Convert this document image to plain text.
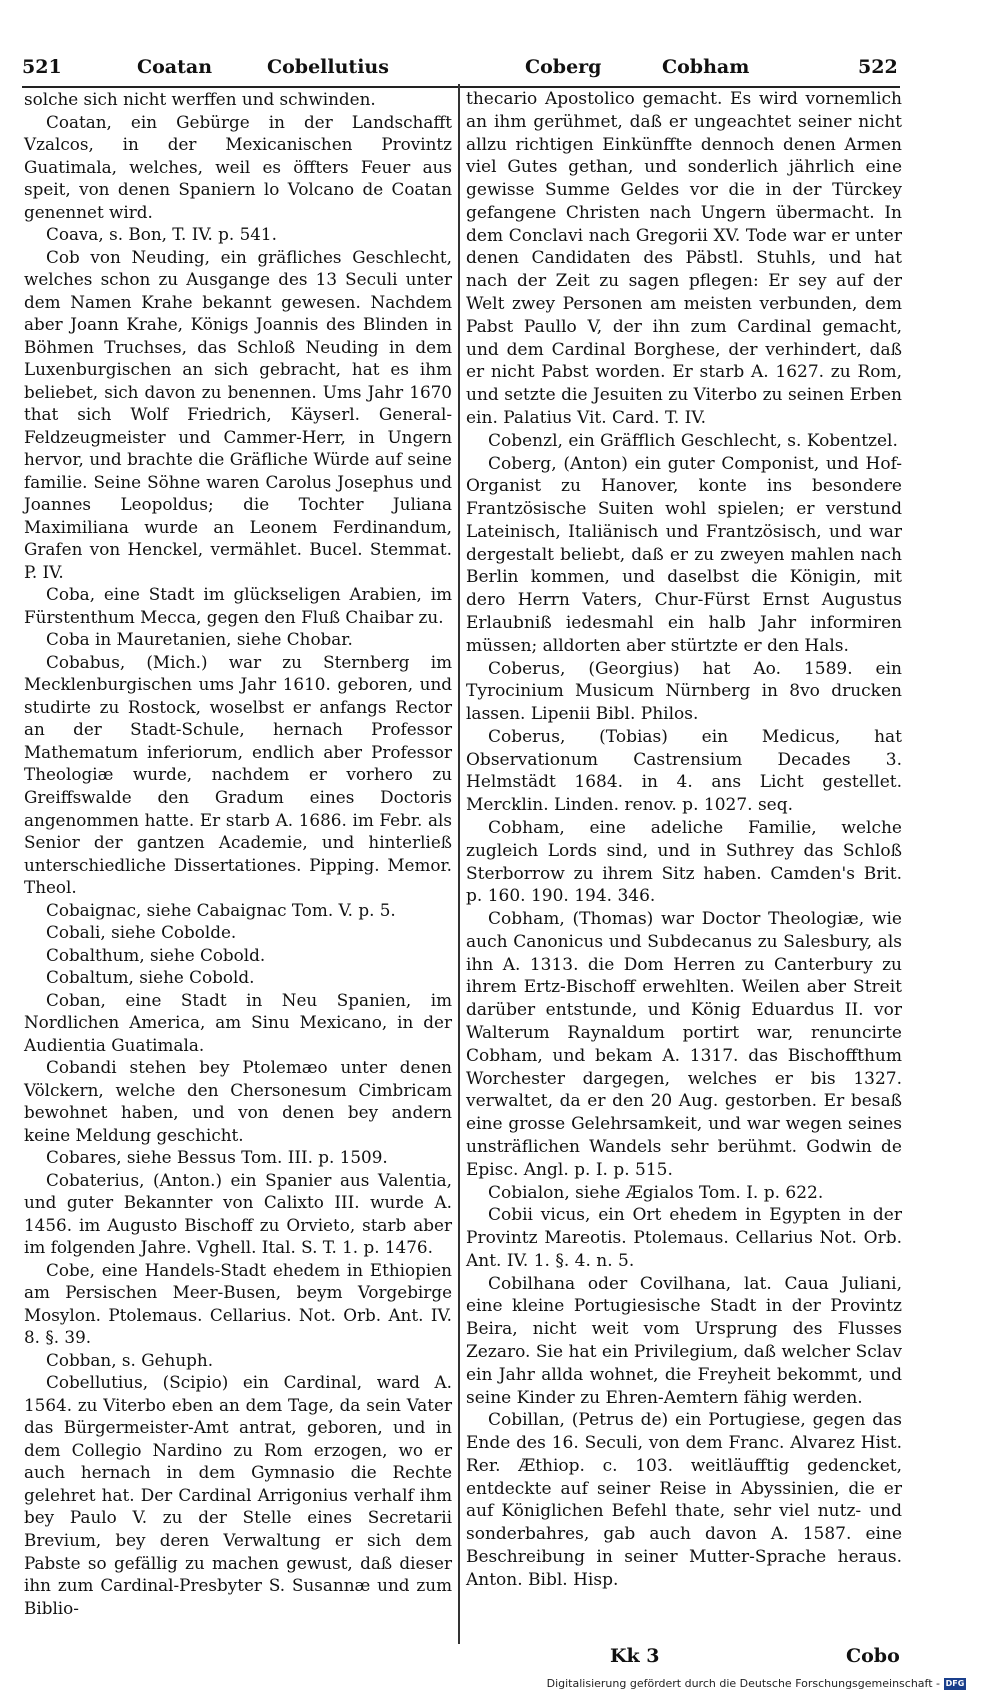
521	Coatan	Cobellutius	Coberg	Cobham	522

solche sich nicht werffen und schwinden.

Coatan, ein Gebürge in der Landschafft Vzalcos, in der Mexicanischen Provintz Guatimala, welches, weil es öffters Feuer aus speit, von denen Spaniern lo Volcano de Coatan genennet wird.

Coava, s. Bon, T. IV. p. 541.

Cob von Neuding, ein gräfliches Geschlecht, welches schon zu Ausgange des 13 Seculi unter dem Namen Krahe bekannt gewesen. Nachdem aber Joann Krahe, Königs Joannis des Blinden in Böhmen Truchses, das Schloß Neuding in dem Luxenburgischen an sich gebracht, hat es ihm beliebet, sich davon zu benennen. Ums Jahr 1670 that sich Wolf Friedrich, Käyserl. General-Feldzeugmeister und Cammer-Herr, in Ungern hervor, und brachte die Gräfliche Würde auf seine familie. Seine Söhne waren Carolus Josephus und Joannes Leopoldus; die Tochter Juliana Maximiliana wurde an Leonem Ferdinandum, Grafen von Henckel, vermählet. Bucel. Stemmat. P. IV.

Coba, eine Stadt im glückseligen Arabien, im Fürstenthum Mecca, gegen den Fluß Chaibar zu.

Coba in Mauretanien, siehe Chobar.

Cobabus, (Mich.) war zu Sternberg im Mecklenburgischen ums Jahr 1610. geboren, und studirte zu Rostock, woselbst er anfangs Rector an der Stadt-Schule, hernach Professor Mathematum inferiorum, endlich aber Professor Theologiæ wurde, nachdem er vorhero zu Greiffswalde den Gradum eines Doctoris angenommen hatte. Er starb A. 1686. im Febr. als Senior der gantzen Academie, und hinterließ unterschiedliche Dissertationes. Pipping. Memor. Theol.

Cobaignac, siehe Cabaignac Tom. V. p. 5.

Cobali, siehe Cobolde.

Cobalthum, siehe Cobold.

Cobaltum, siehe Cobold.

Coban, eine Stadt in Neu Spanien, im Nordlichen America, am Sinu Mexicano, in der Audientia Guatimala.

Cobandi stehen bey Ptolemæo unter denen Völckern, welche den Chersonesum Cimbricam bewohnet haben, und von denen bey andern keine Meldung geschicht.

Cobares, siehe Bessus Tom. III. p. 1509.

Cobaterius, (Anton.) ein Spanier aus Valentia, und guter Bekannter von Calixto III. wurde A. 1456. im Augusto Bischoff zu Orvieto, starb aber im folgenden Jahre. Vghell. Ital. S. T. 1. p. 1476.

Cobe, eine Handels-Stadt ehedem in Ethiopien am Persischen Meer-Busen, beym Vorgebirge Mosylon. Ptolemaus. Cellarius. Not. Orb. Ant. IV. 8. §. 39.

Cobban, s. Gehuph.

Cobellutius, (Scipio) ein Cardinal, ward A. 1564. zu Viterbo eben an dem Tage, da sein Vater das Bürgermeister-Amt antrat, geboren, und in dem Collegio Nardino zu Rom erzogen, wo er auch hernach in dem Gymnasio die Rechte gelehret hat. Der Cardinal Arrigonius verhalf ihm bey Paulo V. zu der Stelle eines Secretarii Brevium, bey deren Verwaltung er sich dem Pabste so gefällig zu machen gewust, daß dieser ihn zum Cardinal-Presbyter S. Susannæ und zum Biblio-

thecario Apostolico gemacht. Es wird vornemlich an ihm gerühmet, daß er ungeachtet seiner nicht allzu richtigen Einkünffte dennoch denen Armen viel Gutes gethan, und sonderlich jährlich eine gewisse Summe Geldes vor die in der Türckey gefangene Christen nach Ungern übermacht. In dem Conclavi nach Gregorii XV. Tode war er unter denen Candidaten des Päbstl. Stuhls, und hat nach der Zeit zu sagen pflegen: Er sey auf der Welt zwey Personen am meisten verbunden, dem Pabst Paullo V, der ihn zum Cardinal gemacht, und dem Cardinal Borghese, der verhindert, daß er nicht Pabst worden. Er starb A. 1627. zu Rom, und setzte die Jesuiten zu Viterbo zu seinen Erben ein. Palatius Vit. Card. T. IV.

Cobenzl, ein Gräfflich Geschlecht, s. Kobentzel.

Coberg, (Anton) ein guter Componist, und Hof-Organist zu Hanover, konte ins besondere Frantzösische Suiten wohl spielen; er verstund Lateinisch, Italiänisch und Frantzösisch, und war dergestalt beliebt, daß er zu zweyen mahlen nach Berlin kommen, und daselbst die Königin, mit dero Herrn Vaters, Chur-Fürst Ernst Augustus Erlaubniß iedesmahl ein halb Jahr informiren müssen; alldorten aber stürtzte er den Hals.

Coberus, (Georgius) hat Ao. 1589. ein Tyrocinium Musicum Nürnberg in 8vo drucken lassen. Lipenii Bibl. Philos.

Coberus, (Tobias) ein Medicus, hat Observationum Castrensium Decades 3. Helmstädt 1684. in 4. ans Licht gestellet. Mercklin. Linden. renov. p. 1027. seq.

Cobham, eine adeliche Familie, welche zugleich Lords sind, und in Suthrey das Schloß Sterborrow zu ihrem Sitz haben. Camden's Brit. p. 160. 190. 194. 346.

Cobham, (Thomas) war Doctor Theologiæ, wie auch Canonicus und Subdecanus zu Salesbury, als ihn A. 1313. die Dom Herren zu Canterbury zu ihrem Ertz-Bischoff erwehlten. Weilen aber Streit darüber entstunde, und König Eduardus II. vor Walterum Raynaldum portirt war, renuncirte Cobham, und bekam A. 1317. das Bischoffthum Worchester dargegen, welches er bis 1327. verwaltet, da er den 20 Aug. gestorben. Er besaß eine grosse Gelehrsamkeit, und war wegen seines unsträflichen Wandels sehr berühmt. Godwin de Episc. Angl. p. I. p. 515.

Cobialon, siehe Ægialos Tom. I. p. 622.

Cobii vicus, ein Ort ehedem in Egypten in der Provintz Mareotis. Ptolemaus. Cellarius Not. Orb. Ant. IV. 1. §. 4. n. 5.

Cobilhana oder Covilhana, lat. Caua Juliani, eine kleine Portugiesische Stadt in der Provintz Beira, nicht weit vom Ursprung des Flusses Zezaro. Sie hat ein Privilegium, daß welcher Sclav ein Jahr allda wohnet, die Freyheit bekommt, und seine Kinder zu Ehren-Aemtern fähig werden.

Cobillan, (Petrus de) ein Portugiese, gegen das Ende des 16. Seculi, von dem Franc. Alvarez Hist. Rer. Æthiop. c. 103. weitläufftig gedencket, entdeckte auf seiner Reise in Abyssinien, die er auf Königlichen Befehl thate, sehr viel nutz- und sonderbahres, gab auch davon A. 1587. eine Beschreibung in seiner Mutter-Sprache heraus. Anton. Bibl. Hisp.

Kk 3	Cobo
Digitalisierung gefördert durch die Deutsche Forschungsgemeinschaft - DFG
